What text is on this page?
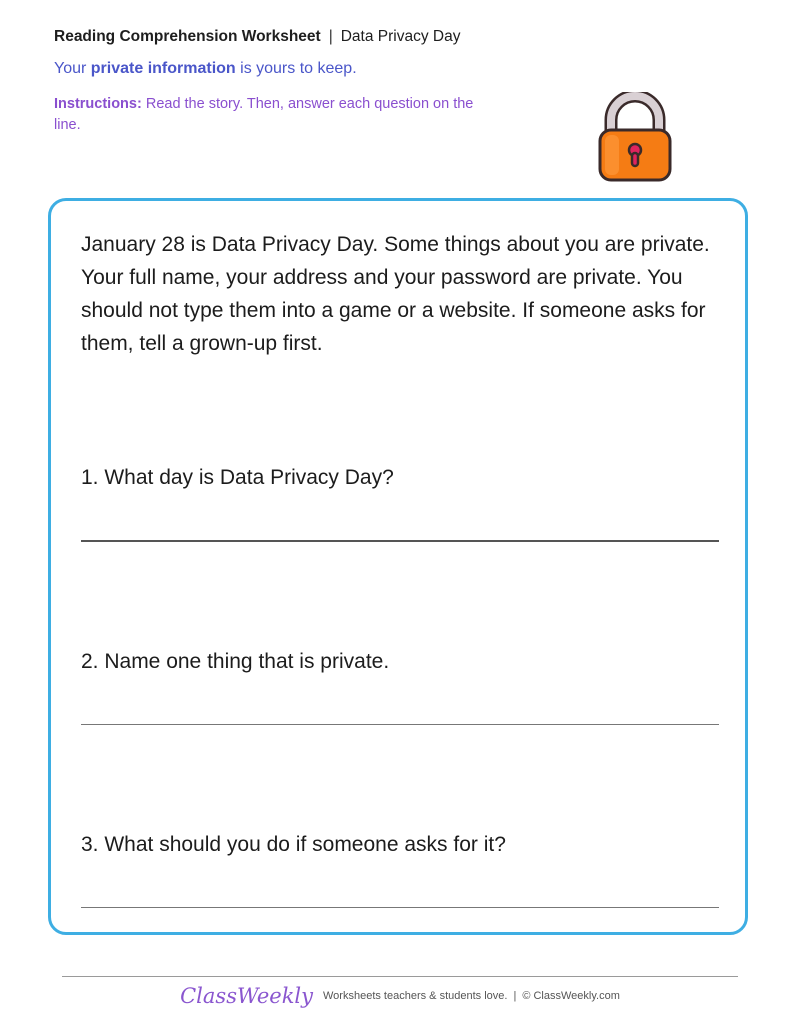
Reading Comprehension Worksheet | Data Privacy Day
Your private information is yours to keep.
Instructions: Read the story. Then, answer each question on the line.

January 28 is Data Privacy Day. Some things about you are private. Your full name, your address and your password are private. You should not type them into a game or a website. If someone asks for them, tell a grown-up first.

1. What day is Data Privacy Day?

2. Name one thing that is private.

3. What should you do if someone asks for it?

ClassWeekly Worksheets teachers & students love. | © ClassWeekly.com
